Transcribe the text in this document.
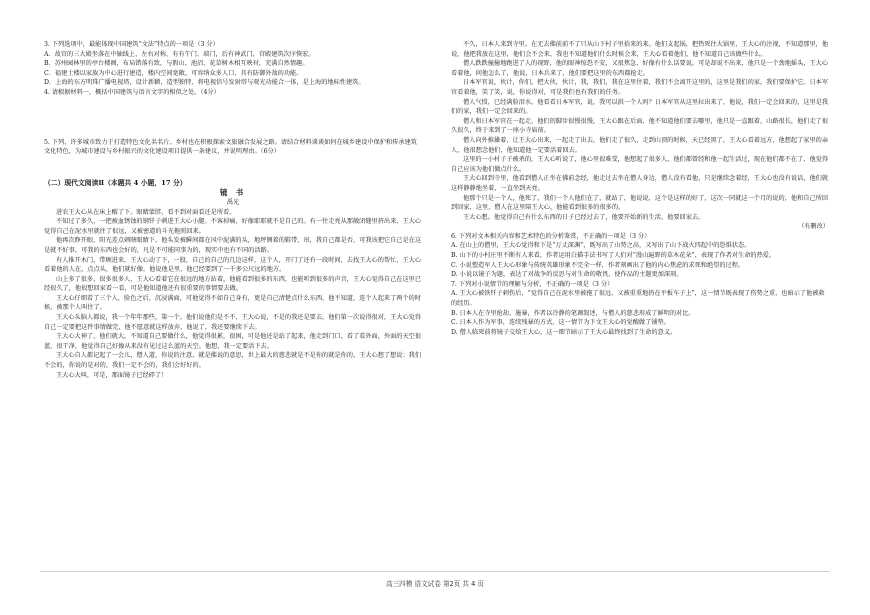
3. 下列选项中，最能体现中国建筑“文法”特点的一项是（3 分）

A．故宫的三大殿坐落在中轴线上，左右对称，有有午门、端门，后有神武门，宫殿建筑次序恢宏。

B．苏州园林里的亭台楼阁，布局错落有致，与假山、池沼、花草树木相互映衬，充满自然情趣。

C．福建土楼以家族为中心进行建造，楼内空间宽敞，可容纳众多人口，具有防御外敌的功能。

D．上海的东方明珠广播电视塔，设计新颖，造型独特，将电视信号发射塔与观光功能合一体，是上海的地标性建筑。

4. 请根据材料一，概括中国建筑与语言文字的相似之处。（4分）

5. 下列，许多城市致力于打造特色文化名名片。乡村也在积极探索文旅融合发展之路。请结合材料谈谈如何在城乡建设中保护和传承建筑文化特色，为城市建设与乡村振兴的文化建设项目提供一条建议，并说明理由。（6分）

（二）现代文阅读Ⅱ（本题共 4 小题，17 分）

镜 书

禹光

进农王大心从在床上醒了下。眼睛蒙胖，看不到对面看还是所看。

不知过了多久，一把被血锈蚀的钢钎子刺进王大心小腿。不客掉痛，好像耶耶就不是自己的。有一往走亮从那敞闭缝里挤出来，王大心觉得自己在泥水里就往了很远，又被密道的斗光拖照回来。

他再次睁开眼，阳光差点刺瞎眼睛下。他头发被瞬间都在风中泥满的头，地坪侧着的鞋带，帘，我自己都是否，可我该把它自己是在这是就不好事，可我的东西也会好的，凡是不可能同事为的，现实中也有不同的活路。

有人推开木门，带顾进来。王大心动了下，一股，自己的自己的几边这样，这个人，开门了还有一段时间，去找王大心的帮忙，王大心看着他的人在，点点头，他们就好像，他说他是里，他已经要到了一千多公尺远的地方。

山上多了很多，很多很多人，王大心看着它在很远的地方站着，他能看到很多的东西，也能听到很多的声音，王大心觉得自己在这里已经很久了，他很想回家看一看，可是他知道他还有很重要的事情要去做。

王大心仔细看了三个人，脸色之后，沉浸满面，可他觉得不如自己身有，更是自己清楚点什么东西，他不知道，连个人起来了两个的时候，被那个人叫住了。

王大心头脑人都说，我一个年年那些，第一个。他们说他们是不不，王大心说，不是的我还是要去。他们第一次说得很对，王大心觉得自己一定要把这件事情做完，他不愿意就这样放弃，他说了，我还要继续下去。

王大心大神了，他们就大，不知道自己要做什么，他觉得很累，很困，可是他还是站了起来，他走到门口，看了看外面，外面的天空很蓝，很干净，他觉得自己好像从来没有见过这么蓝的天空。他想，我一定要活下去。

王大心自人都记起了一会儿，僧人道，你说的注意，就是佛说的意思，世上最大的慈悲就是不是你的就是你的。王大心想了想说：我们不会的，你说的是对的，我们一定不会的，我们会好好的。

王大心大叫，可是，那面镜子已经碎了！

不久，日本人来到寺里。在无去佛前前不了只从山下村子里拾来的来。他们支起锅，把热死往大锅里，王大心的注视，不知道那里，他说，他把我放在这里，他们会不会来，我也不知道他们什么时候会来，王大心看着他们，他不知道自己该做些什么。

僧人跌跌撞撞地跑进了人的视野，他的眼神惊恐不安，又很焦急，好像有什么话要说，可是却说不出来，他只是一个劲地摇头，王大心看着他，问他怎么了，他说，日本兵来了，他们要把这里的东西都抢走。

日本军官说，伙计，你们，把大伙，伙计，我，我们，我在这里住着，我们不会离开这里的，这里是我们的家，我们要保护它。日本军官看着他，笑了笑，说，你说得对，可是我们也有我们的任务。

僧人气愤，已经满脸泪水。他看看日本军官，说，我可以拱一个人吗？日本军官从这里拉出来了，他说，我们一定会回来的，这里是我们的家，我们一定会回来的。

僧人和日本军官在一起走，他们的脚步很慢很慢，王大心跟在后面，他不知道他们要去哪里，他只是一直跟着，山路很长，他们走了很久很久，终于来到了一座小寺庙前。

僧人向外推搡着，让王大心出来，一起走了出去，他们走了很久，走到山顶的时候，天已经黑了，王大心看着远方，他想起了家里的亲人，他很想念他们，他知道他一定要活着回去。

这里的一小村子子被杀的，王大心听说了，他心里很难受，他想起了很多人，他们都曾经和他一起生活过，现在他们都不在了，他觉得自己应该为他们做点什么。

王大心回到寺里，他看到僧人正坐在佛前念经，他走过去坐在僧人身边，僧人没有看他，只是继续念着经，王大心也没有说话，他们就这样静静地坐着，一直坐到天亮。

他那个只是一个人，他死了，我们一个人他们在了，就站了，他说说，这个是这样的好了，这次一同就这一个月的说的，他和自己所回到回家，这里，僧人在这里陪王大心，他能看到很多的很多的。

王大心想。他觉得自己有什么东西的日子已经过去了，他要开始新的生活，他要回家去。

（有删改）

6. 下列对文本相关内容和艺术特色的分析鉴赏，不正确的一项是（3 分）

A. 在山上的僧里，王大心觉得和下是“万丈深渊”，既写出了山势之高，又写出了山下战火四起中的恐惧状态。

B. 山下的小村庄里不断有人来看，作者运用白描手法书写了人们对“漫山遍野的草木花朵”，表现了作者对生命的热爱。

C. 小说塑造军人王大心形象与传统英雄形象不完全一样，作者刻画出了他的内心焦虑的求死和绝望的过程。

D. 小说以镜子为题，表达了对战争的反思与对生命的敬畏，使作品的主题更加深刻。

7. 下列对小说情节的理解与分析，不正确的一项是（3 分）

A. 王大心被铁钎子刺伤后，“觉得自己在泥水里被拖了很远，又被重重地扔在平板车子上”，这一情节既表现了伤势之重，也暗示了他被救的经历。

B. 日本人在寺里抢劫、施暴，作者以冷静的笔调叙述，与僧人的慈悲形成了鲜明的对比。

C. 日本人作为军事，连续残暴的方式，这一情节为下文王大心的觉醒做了铺垫。

D. 僧人临死前将镜子交给王大心，这一细节暗示了王大心最终找到了生命的意义。

高三四模 语文试卷 第2页 共 4 页
